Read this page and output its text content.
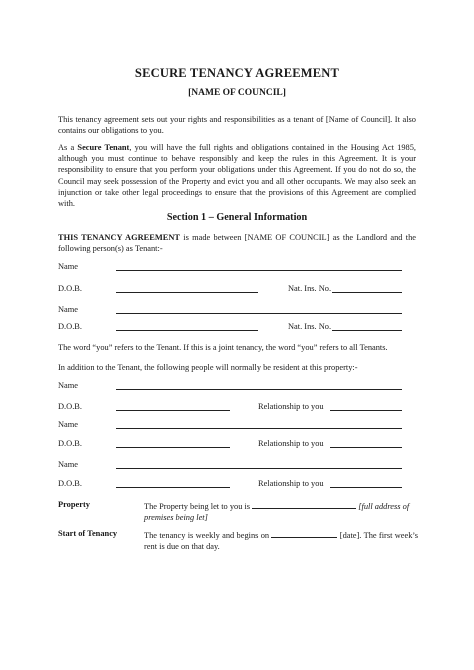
SECURE TENANCY AGREEMENT
[NAME OF COUNCIL]
This tenancy agreement sets out your rights and responsibilities as a tenant of [Name of Council]. It also contains our obligations to you.
As a Secure Tenant, you will have the full rights and obligations contained in the Housing Act 1985, although you must continue to behave responsibly and keep the rules in this Agreement. It is your responsibility to ensure that you perform your obligations under this Agreement. If you do not do so, the Council may seek possession of the Property and evict you and all other occupants. We may also seek an injunction or take other legal proceedings to ensure that the provisions of this Agreement are complied with.
Section 1 – General Information
THIS TENANCY AGREEMENT is made between [NAME OF COUNCIL] as the Landlord and the following person(s) as Tenant:-
Name
D.O.B.	Nat. Ins. No.
Name
D.O.B.	Nat. Ins. No.
The word “you” refers to the Tenant. If this is a joint tenancy, the word “you” refers to all Tenants.
In addition to the Tenant, the following people will normally be resident at this property:-
Name
D.O.B.	Relationship to you
Name
D.O.B.	Relationship to you
Name
D.O.B.	Relationship to you
Property	The Property being let to you is	[full address of premises being let]
Start of Tenancy	The tenancy is weekly and begins on	[date]. The first week’s rent is due on that day.
